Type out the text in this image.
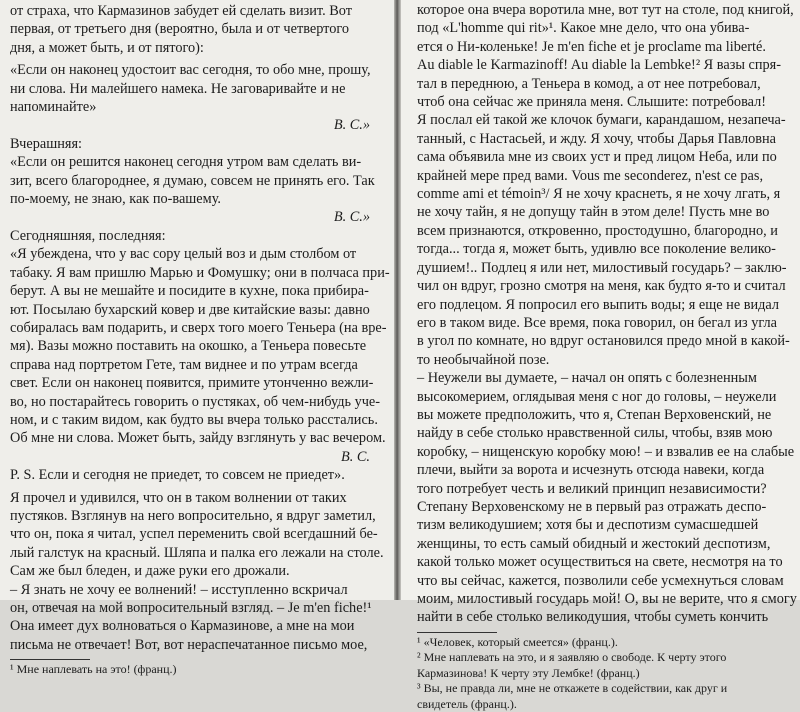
от страха, что Кармазинов забудет ей сделать визит. Вот
первая, от третьего дня (вероятно, была и от четвертого
дня, а может быть, и от пятого):
«Если он наконец удостоит вас сегодня, то обо мне, прошу,
ни слова. Ни малейшего намека. Не заговаривайте и не
напоминайте»
В. С.»
Вчерашняя:
«Если он решится наконец сегодня утром вам сделать ви-
зит, всего благороднее, я думаю, совсем не принять его. Так
по-моему, не знаю, как по-вашему.
В. С.»
Сегодняшняя, последняя:
«Я убеждена, что у вас сору целый воз и дым столбом от
табаку. Я вам пришлю Марью и Фомушку; они в полчаса при-
берут. А вы не мешайте и посидите в кухне, пока прибира-
ют. Посылаю бухарский ковер и две китайские вазы: давно
собиралась вам подарить, и сверх того моего Теньера (на вре-
мя). Вазы можно поставить на окошко, а Теньера повесьте
справа над портретом Гете, там виднее и по утрам всегда
свет. Если он наконец появится, примите утонченно вежли-
во, но постарайтесь говорить о пустяках, об чем-нибудь уче-
ном, и с таким видом, как будто вы вчера только расстались.
Об мне ни слова. Может быть, зайду взглянуть у вас вечером.
В. С.
P. S. Если и сегодня не приедет, то совсем не приедет».
Я прочел и удивился, что он в таком волнении от таких
пустяков. Взглянув на него вопросительно, я вдруг заметил,
что он, пока я читал, успел переменить свой всегдашний бе-
лый галстук на красный. Шляпа и палка его лежали на столе.
Сам же был бледен, и даже руки его дрожали.
– Я знать не хочу ее волнений! – исступленно вскричал
он, отвечая на мой вопросительный взгляд. – Je m'en fiche!¹
Она имеет дух волноваться о Кармазинове, а мне на мои
письма не отвечает! Вот, вот нераспечатанное письмо мое,
¹ Мне наплевать на это! (франц.)
которое она вчера воротила мне, вот тут на столе, под книгой,
под «L'homme qui rit»¹. Какое мне дело, что она убива-
ется о Ни-коленьке! Je m'en fiche et je proclame ma liberté.
Au diable le Karmazinoff! Au diable la Lembke!² Я вазы спря-
тал в переднюю, а Теньера в комод, а от нее потребовал,
чтоб она сейчас же приняла меня. Слышите: потребовал!
Я послал ей такой же клочок бумаги, карандашом, незапеча-
танный, с Настасьей, и жду. Я хочу, чтобы Дарья Павловна
сама объявила мне из своих уст и пред лицом Неба, или по
крайней мере пред вами. Vous me seconderez, n'est ce pas,
comme ami et témoin³/ Я не хочу краснеть, я не хочу лгать, я
не хочу тайн, я не допущу тайн в этом деле! Пусть мне во
всем признаются, откровенно, простодушно, благородно, и
тогда... тогда я, может быть, удивлю все поколение велико-
душием!.. Подлец я или нет, милостивый государь? – заклю-
чил он вдруг, грозно смотря на меня, как будто я-то и считал
его подлецом. Я попросил его выпить воды; я еще не видал
его в таком виде. Все время, пока говорил, он бегал из угла
в угол по комнате, но вдруг остановился предо мной в какой-
то необычайной позе.
– Неужели вы думаете, – начал он опять с болезненным
высокомерием, оглядывая меня с ног до головы, – неужели
вы можете предположить, что я, Степан Верховенский, не
найду в себе столько нравственной силы, чтобы, взяв мою
коробку, – нищенскую коробку мою! – и взвалив ее на слабые
плечи, выйти за ворота и исчезнуть отсюда навеки, когда
того потребует честь и великий принцип независимости?
Степану Верховенскому не в первый раз отражать деспо-
тизм великодушием; хотя бы и деспотизм сумасшедшей
женщины, то есть самый обидный и жестокий деспотизм,
какой только может осуществиться на свете, несмотря на то
что вы сейчас, кажется, позволили себе усмехнуться словам
моим, милостивый государь мой! О, вы не верите, что я смогу
найти в себе столько великодушия, чтобы суметь кончить
¹ «Человек, который смеется» (франц.).
² Мне наплевать на это, и я заявляю о свободе. К черту этого
Кармазинова! К черту эту Лембке! (франц.)
³ Вы, не правда ли, мне не откажете в содействии, как друг и
свидетель (франц.).
